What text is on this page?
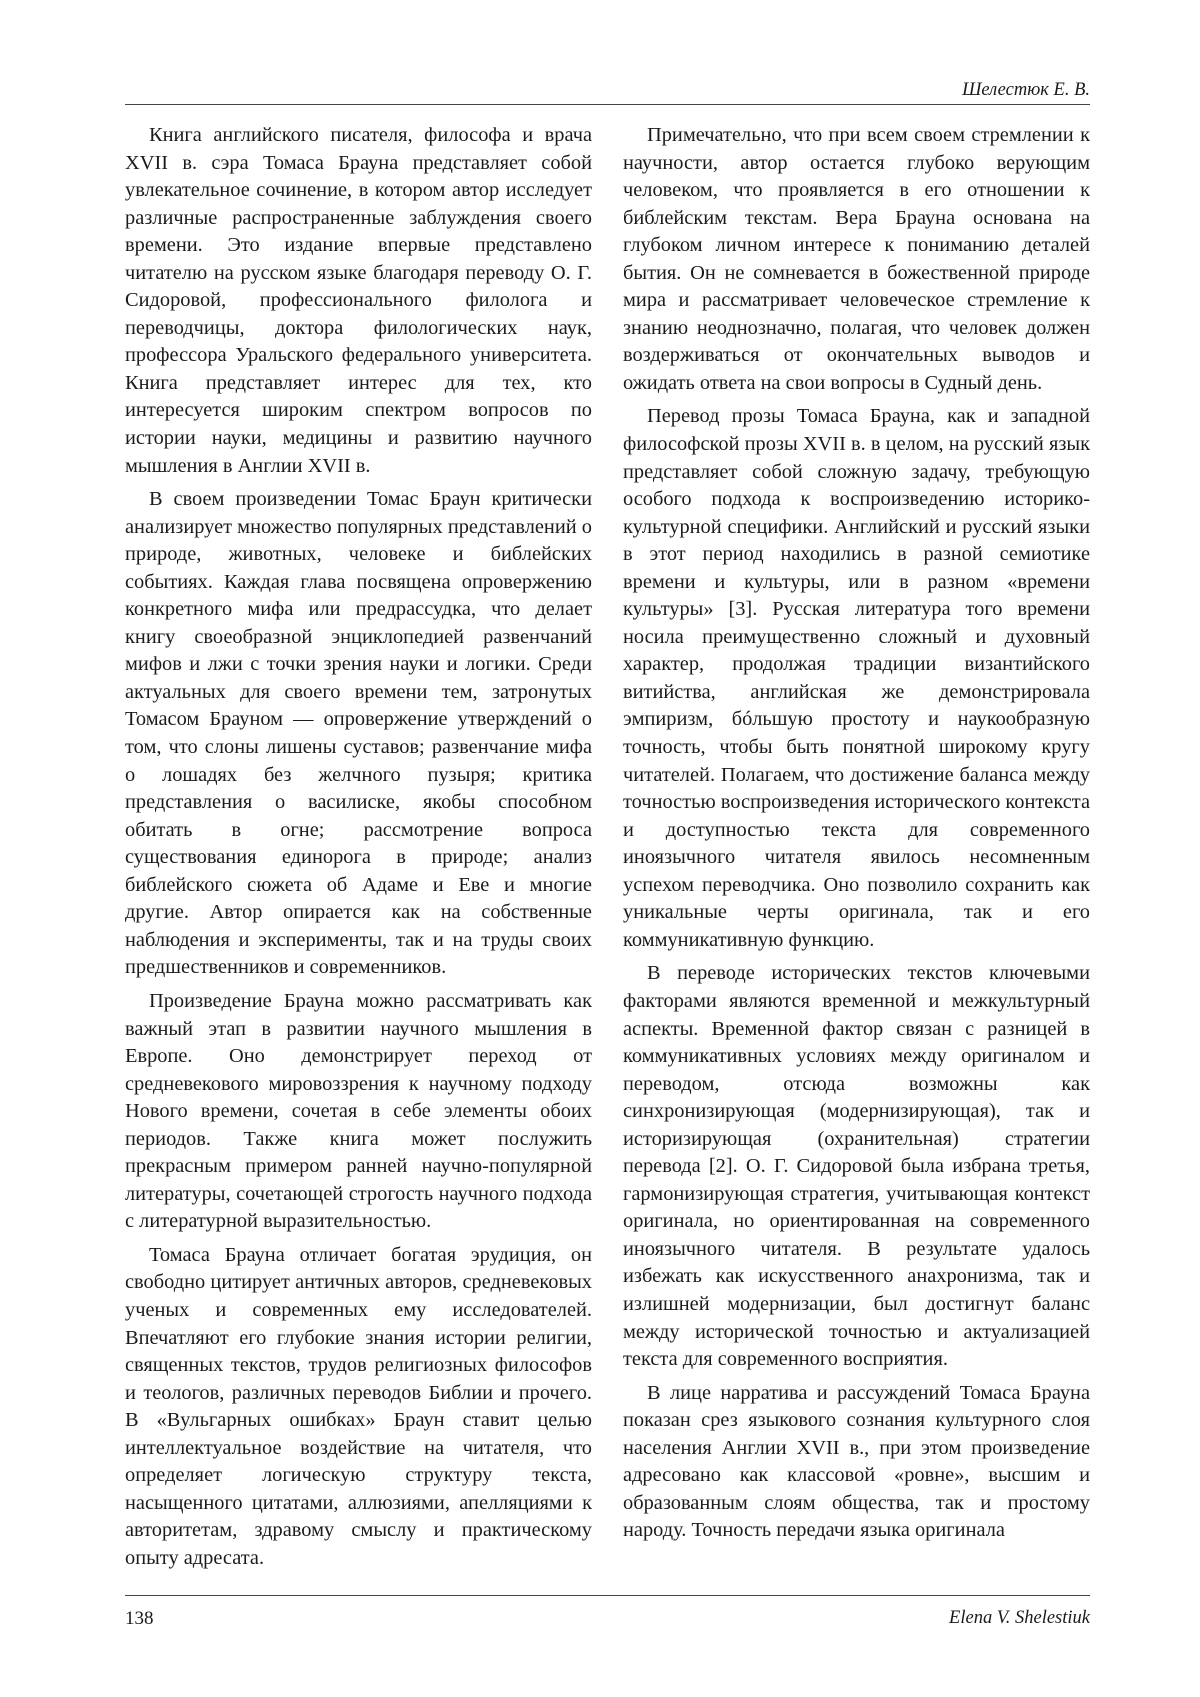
Шелестюк Е. В.

Книга английского писателя, философа и врача XVII в. сэра Томаса Брауна представляет собой увлекательное сочинение, в котором автор исследует различные распространенные заблуждения своего времени. Это издание впервые представлено читателю на русском языке благодаря переводу О. Г. Сидоровой, профессионального филолога и переводчицы, доктора филологических наук, профессора Уральского федерального университета. Книга представляет интерес для тех, кто интересуется широким спектром вопросов по истории науки, медицины и развитию научного мышления в Англии XVII в.

В своем произведении Томас Браун критически анализирует множество популярных представлений о природе, животных, человеке и библейских событиях. Каждая глава посвящена опровержению конкретного мифа или предрассудка, что делает книгу своеобразной энциклопедией развенчаний мифов и лжи с точки зрения науки и логики. Среди актуальных для своего времени тем, затронутых Томасом Брауном — опровержение утверждений о том, что слоны лишены суставов; развенчание мифа о лошадях без желчного пузыря; критика представления о василиске, якобы способном обитать в огне; рассмотрение вопроса существования единорога в природе; анализ библейского сюжета об Адаме и Еве и многие другие. Автор опирается как на собственные наблюдения и эксперименты, так и на труды своих предшественников и современников.

Произведение Брауна можно рассматривать как важный этап в развитии научного мышления в Европе. Оно демонстрирует переход от средневекового мировоззрения к научному подходу Нового времени, сочетая в себе элементы обоих периодов. Также книга может послужить прекрасным примером ранней научно-популярной литературы, сочетающей строгость научного подхода с литературной выразительностью.

Томаса Брауна отличает богатая эрудиция, он свободно цитирует античных авторов, средневековых ученых и современных ему исследователей. Впечатляют его глубокие знания истории религии, священных текстов, трудов религиозных философов и теологов, различных переводов Библии и прочего. В «Вульгарных ошибках» Браун ставит целью интеллектуальное воздействие на читателя, что определяет логическую структуру текста, насыщенного цитатами, аллюзиями, апелляциями к авторитетам, здравому смыслу и практическому опыту адресата.

Примечательно, что при всем своем стремлении к научности, автор остается глубоко верующим человеком, что проявляется в его отношении к библейским текстам. Вера Брауна основана на глубоком личном интересе к пониманию деталей бытия. Он не сомневается в божественной природе мира и рассматривает человеческое стремление к знанию неоднозначно, полагая, что человек должен воздерживаться от окончательных выводов и ожидать ответа на свои вопросы в Судный день.

Перевод прозы Томаса Брауна, как и западной философской прозы XVII в. в целом, на русский язык представляет собой сложную задачу, требующую особого подхода к воспроизведению историко-культурной специфики. Английский и русский языки в этот период находились в разной семиотике времени и культуры, или в разном «времени культуры» [3]. Русская литература того времени носила преимущественно сложный и духовный характер, продолжая традиции византийского витийства, английская же демонстрировала эмпиризм, бóльшую простоту и наукообразную точность, чтобы быть понятной широкому кругу читателей. Полагаем, что достижение баланса между точностью воспроизведения исторического контекста и доступностью текста для современного иноязычного читателя явилось несомненным успехом переводчика. Оно позволило сохранить как уникальные черты оригинала, так и его коммуникативную функцию.

В переводе исторических текстов ключевыми факторами являются временной и межкультурный аспекты. Временной фактор связан с разницей в коммуникативных условиях между оригиналом и переводом, отсюда возможны как синхронизирующая (модернизирующая), так и историзирующая (охранительная) стратегии перевода [2]. О. Г. Сидоровой была избрана третья, гармонизирующая стратегия, учитывающая контекст оригинала, но ориентированная на современного иноязычного читателя. В результате удалось избежать как искусственного анахронизма, так и излишней модернизации, был достигнут баланс между исторической точностью и актуализацией текста для современного восприятия.

В лице нарратива и рассуждений Томаса Брауна показан срез языкового сознания культурного слоя населения Англии XVII в., при этом произведение адресовано как классовой «ровне», высшим и образованным слоям общества, так и простому народу. Точность передачи языка оригинала

138	Elena V. Shelestiuk
